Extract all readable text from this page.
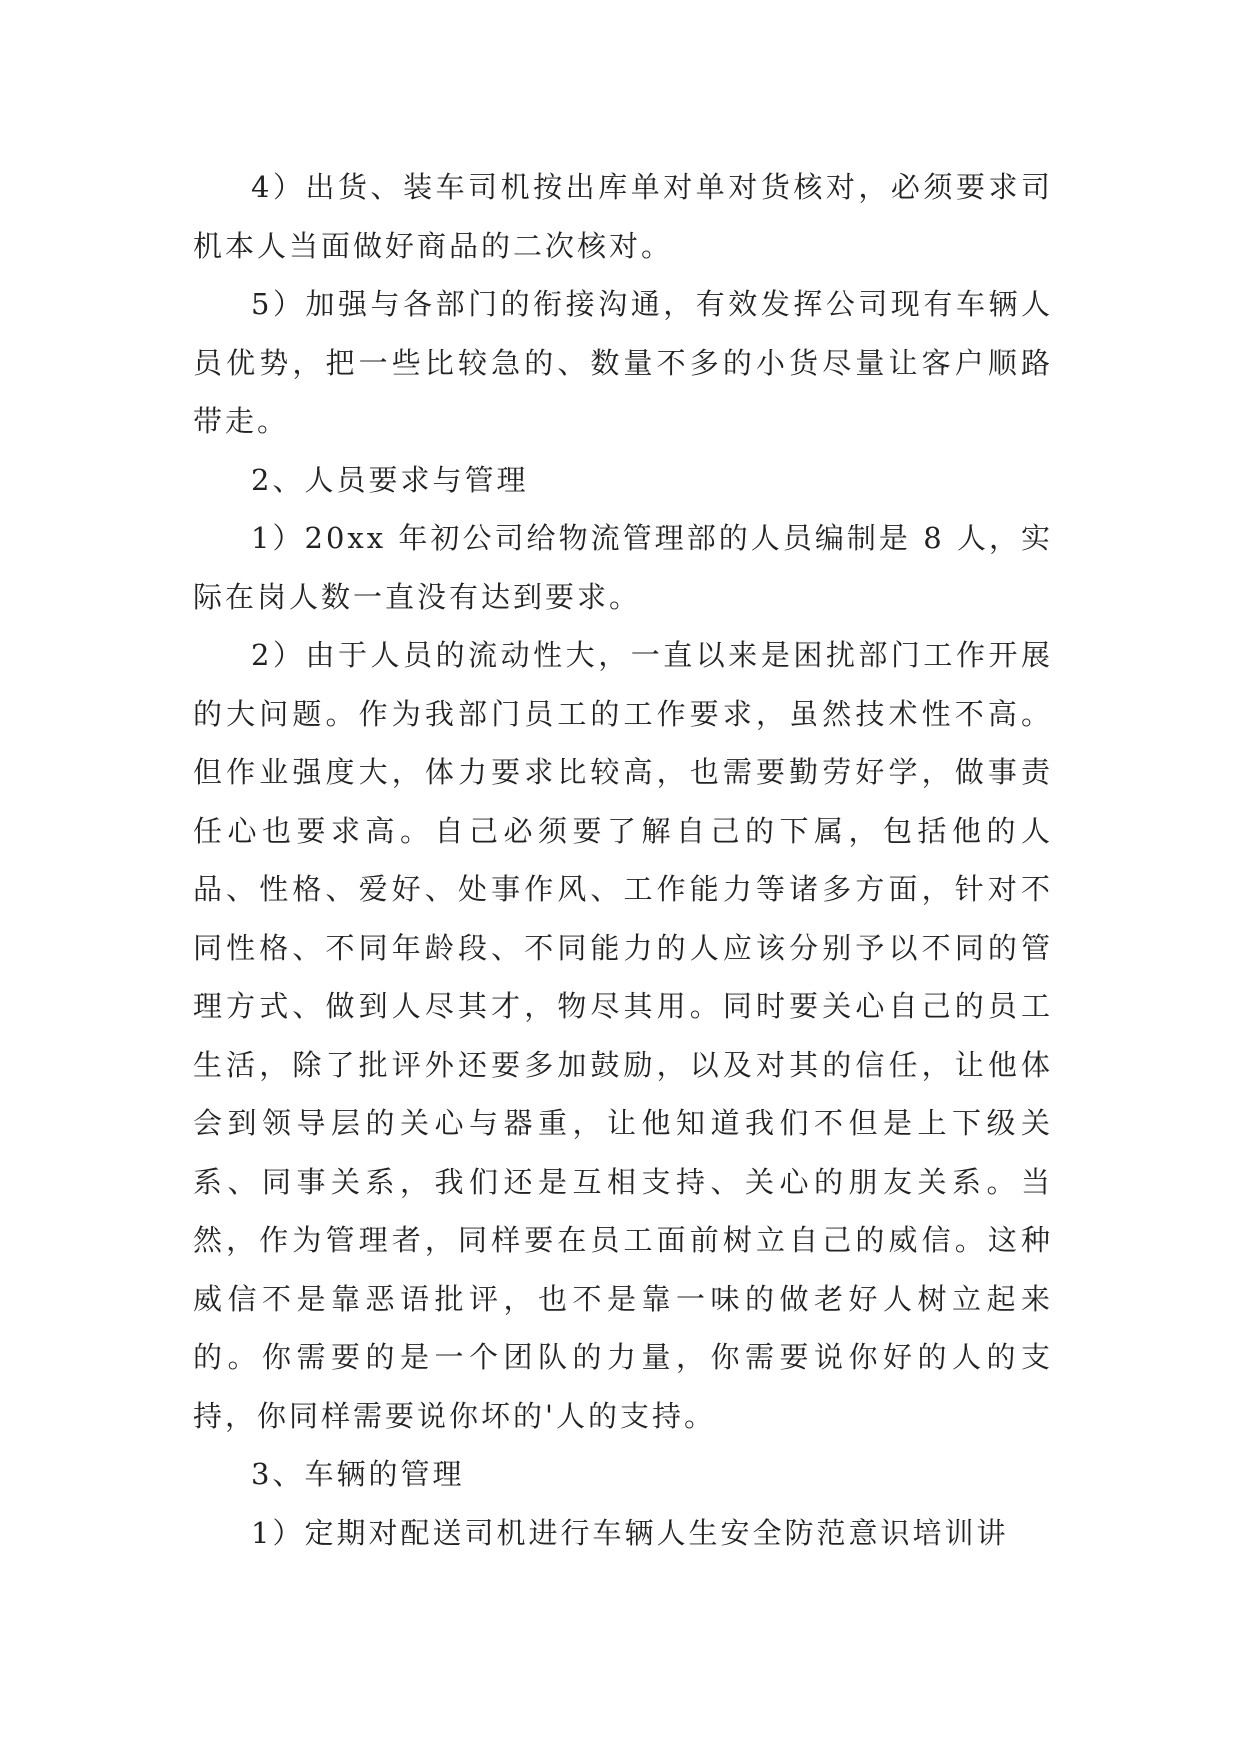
4）出货、装车司机按出库单对单对货核对，必须要求司机本人当面做好商品的二次核对。

5）加强与各部门的衔接沟通，有效发挥公司现有车辆人员优势，把一些比较急的、数量不多的小货尽量让客户顺路带走。

2、人员要求与管理

1）20xx 年初公司给物流管理部的人员编制是 8 人，实际在岗人数一直没有达到要求。

2）由于人员的流动性大，一直以来是困扰部门工作开展的大问题。作为我部门员工的工作要求，虽然技术性不高。但作业强度大，体力要求比较高，也需要勤劳好学，做事责任心也要求高。自己必须要了解自己的下属，包括他的人品、性格、爱好、处事作风、工作能力等诸多方面，针对不同性格、不同年龄段、不同能力的人应该分别予以不同的管理方式、做到人尽其才，物尽其用。同时要关心自己的员工生活，除了批评外还要多加鼓励，以及对其的信任，让他体会到领导层的关心与器重，让他知道我们不但是上下级关系、同事关系，我们还是互相支持、关心的朋友关系。当然，作为管理者，同样要在员工面前树立自己的威信。这种威信不是靠恶语批评，也不是靠一味的做老好人树立起来的。你需要的是一个团队的力量，你需要说你好的人的支持，你同样需要说你坏的'人的支持。

3、车辆的管理

1）定期对配送司机进行车辆人生安全防范意识培训讲
